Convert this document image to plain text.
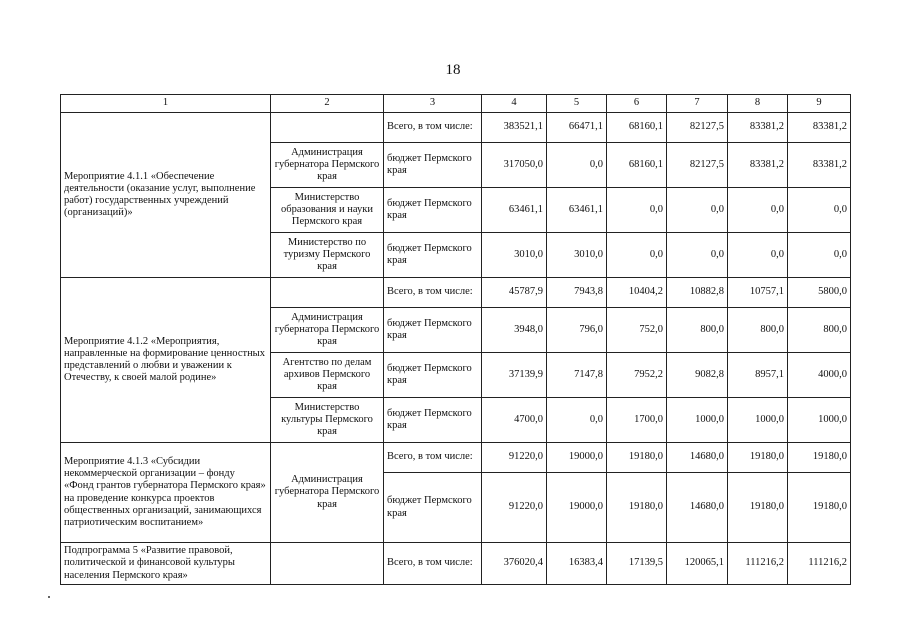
18
1	2	3	4	5	6	7	8	9
Мероприятие 4.1.1 «Обеспечение деятельности (оказание услуг, выполнение работ) государственных учреждений (организаций)»		Всего, в том числе:	383521,1	66471,1	68160,1	82127,5	83381,2	83381,2
	Администрация губернатора Пермского края	бюджет Пермского края	317050,0	0,0	68160,1	82127,5	83381,2	83381,2
	Министерство образования и науки Пермского края	бюджет Пермского края	63461,1	63461,1	0,0	0,0	0,0	0,0
	Министерство по туризму Пермского края	бюджет Пермского края	3010,0	3010,0	0,0	0,0	0,0	0,0
Мероприятие 4.1.2 «Мероприятия, направленные на формирование ценностных представлений о любви и уважении к Отечеству, к своей малой родине»		Всего, в том числе:	45787,9	7943,8	10404,2	10882,8	10757,1	5800,0
	Администрация губернатора Пермского края	бюджет Пермского края	3948,0	796,0	752,0	800,0	800,0	800,0
	Агентство по делам архивов Пермского края	бюджет Пермского края	37139,9	7147,8	7952,2	9082,8	8957,1	4000,0
	Министерство культуры Пермского края	бюджет Пермского края	4700,0	0,0	1700,0	1000,0	1000,0	1000,0
Мероприятие 4.1.3 «Субсидии некоммерческой организации – фонду «Фонд грантов губернатора Пермского края» на проведение конкурса проектов общественных организаций, занимающихся патриотическим воспитанием»	Администрация губернатора Пермского края	Всего, в том числе:	91220,0	19000,0	19180,0	14680,0	19180,0	19180,0
		бюджет Пермского края	91220,0	19000,0	19180,0	14680,0	19180,0	19180,0
Подпрограмма 5 «Развитие правовой, политической и финансовой культуры населения Пермского края»		Всего, в том числе:	376020,4	16383,4	17139,5	120065,1	111216,2	111216,2
